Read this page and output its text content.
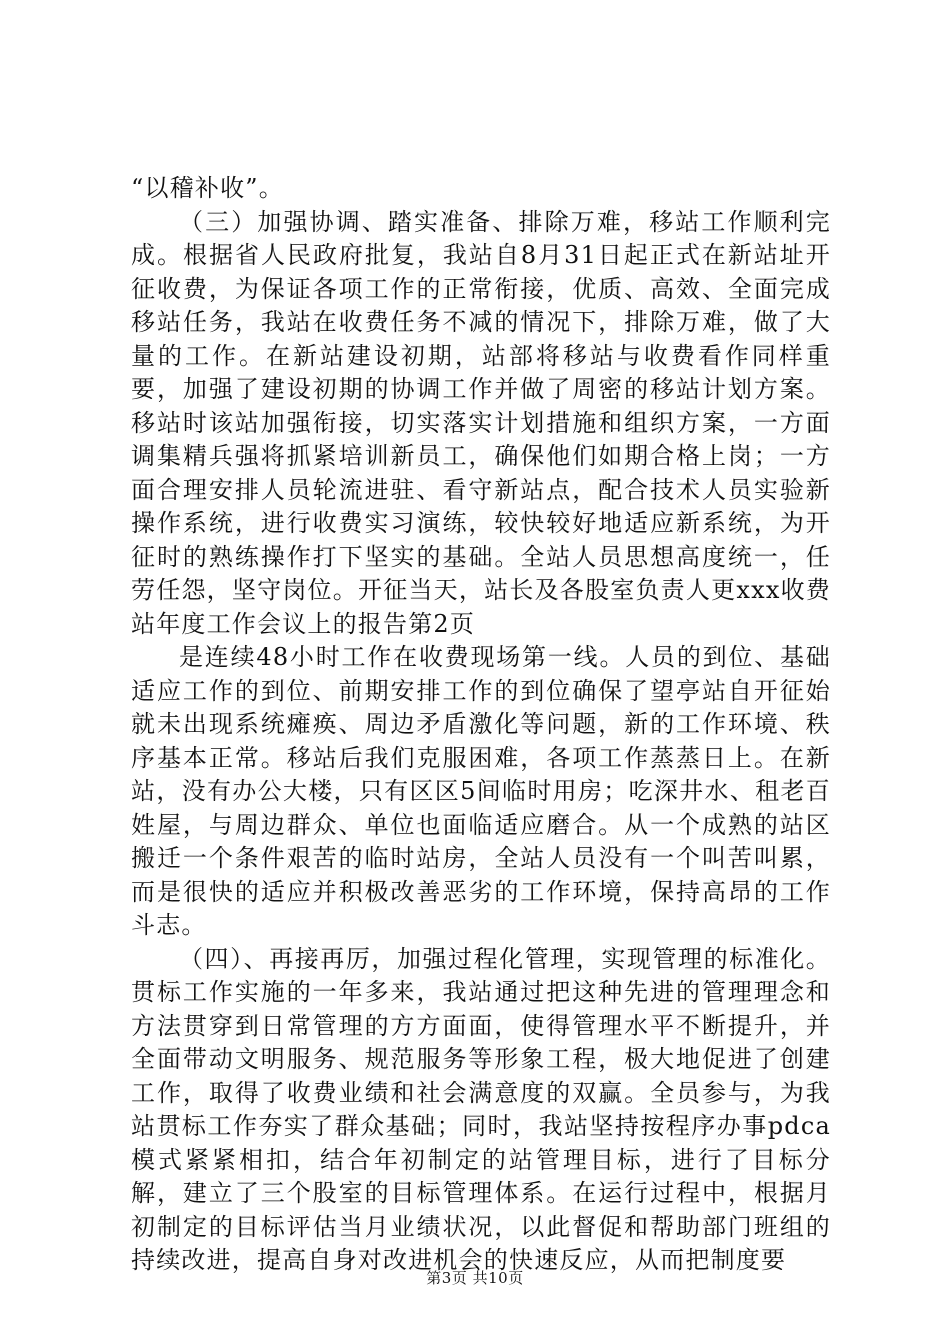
“以稽补收”。

（三）加强协调、踏实准备、排除万难，移站工作顺利完成。根据省人民政府批复，我站自8月31日起正式在新站址开征收费，为保证各项工作的正常衔接，优质、高效、全面完成移站任务，我站在收费任务不减的情况下，排除万难，做了大量的工作。在新站建设初期，站部将移站与收费看作同样重要，加强了建设初期的协调工作并做了周密的移站计划方案。移站时该站加强衔接，切实落实计划措施和组织方案，一方面调集精兵强将抓紧培训新员工，确保他们如期合格上岗；一方面合理安排人员轮流进驻、看守新站点，配合技术人员实验新操作系统，进行收费实习演练，较快较好地适应新系统，为开征时的熟练操作打下坚实的基础。全站人员思想高度统一，任劳任怨，坚守岗位。开征当天，站长及各股室负责人更xxx收费站年度工作会议上的报告第2页

是连续48小时工作在收费现场第一线。人员的到位、基础适应工作的到位、前期安排工作的到位确保了望亭站自开征始就未出现系统瘫痪、周边矛盾激化等问题，新的工作环境、秩序基本正常。移站后我们克服困难，各项工作蒸蒸日上。在新站，没有办公大楼，只有区区5间临时用房；吃深井水、租老百姓屋，与周边群众、单位也面临适应磨合。从一个成熟的站区搬迁一个条件艰苦的临时站房，全站人员没有一个叫苦叫累，而是很快的适应并积极改善恶劣的工作环境，保持高昂的工作斗志。

（四）、再接再厉，加强过程化管理，实现管理的标准化。贯标工作实施的一年多来，我站通过把这种先进的管理理念和方法贯穿到日常管理的方方面面，使得管理水平不断提升，并全面带动文明服务、规范服务等形象工程，极大地促进了创建工作，取得了收费业绩和社会满意度的双赢。全员参与，为我站贯标工作夯实了群众基础；同时，我站坚持按程序办事pdca模式紧紧相扣，结合年初制定的站管理目标，进行了目标分解，建立了三个股室的目标管理体系。在运行过程中，根据月初制定的目标评估当月业绩状况，以此督促和帮助部门班组的持续改进，提高自身对改进机会的快速反应，从而把制度要

第3页 共10页
